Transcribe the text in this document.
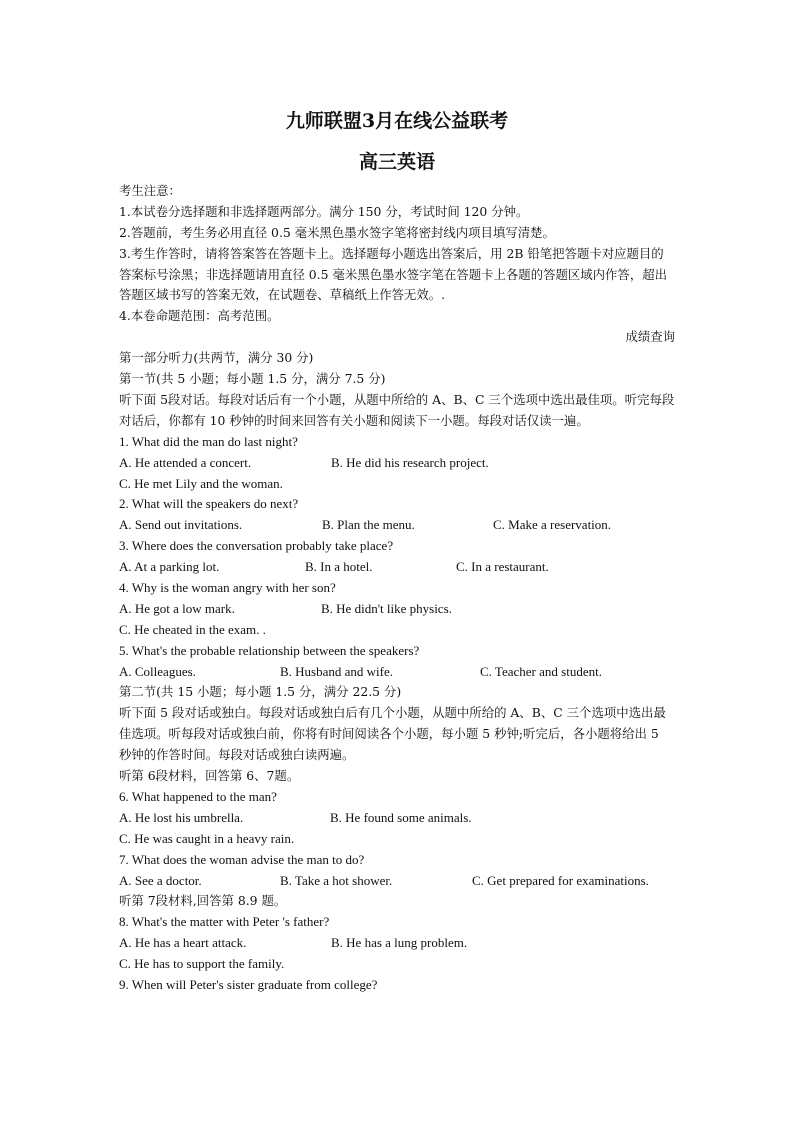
九师联盟3月在线公益联考
高三英语
考生注意：
1.本试卷分选择题和非选择题两部分。满分 150 分，考试时间 120 分钟。
2.答题前，考生务必用直径 0.5 毫米黑色墨水签字笔将密封线内项目填写清楚。
3.考生作答时，请将答案答在答题卡上。选择题每小题选出答案后，用 2B 铅笔把答题卡对应题目的答案标号涂黑；非选择题请用直径 0.5 毫米黑色墨水签字笔在答题卡上各题的答题区域内作答，超出答题区域书写的答案无效，在试题卷、草稿纸上作答无效。.
4.本卷命题范围：高考范围。
成绩查询
第一部分听力(共两节，满分 30 分)
第一节(共 5 小题；每小题 1.5 分，满分 7.5 分)
听下面 5段对话。每段对话后有一个小题，从题中所给的 A、B、C 三个选项中选出最佳项。听完每段对话后，你都有 10 秒钟的时间来回答有关小题和阅读下一小题。每段对话仅读一遍。
1. What did the man do last night?
A. He attended a concert.	B. He did his research project.
C. He met Lily and the woman.
2. What will the speakers do next?
A. Send out invitations.	B. Plan the menu.	C. Make a reservation.
3. Where does the conversation probably take place?
A. At a parking lot.	B. In a hotel.	C. In a restaurant.
4. Why is the woman angry with her son?
A. He got a low mark.	B. He didn't like physics.
C. He cheated in the exam. .
5. What's the probable relationship between the speakers?
A. Colleagues.	B. Husband and wife.	C. Teacher and student.
第二节(共 15 小题；每小题 1.5 分，满分 22.5 分)
听下面 5 段对话或独白。每段对话或独白后有几个小题，从题中所给的 A、B、C 三个选项中选出最佳选项。听每段对话或独白前，你将有时间阅读各个小题，每小题 5 秒钟;听完后，各小题将给出 5 秒钟的作答时间。每段对话或独白读两遍。
听第 6段材料，回答第 6、7题。
6. What happened to the man?
A. He lost his umbrella.	B. He found some animals.
C. He was caught in a heavy rain.
7. What does the woman advise the man to do?
A. See a doctor.	B. Take a hot shower.	C. Get prepared for examinations.
听第 7段材料,回答第 8.9 题。
8. What's the matter with Peter 's father?
A. He has a heart attack.	B. He has a lung problem.
C. He has to support the family.
9. When will Peter's sister graduate from college?
